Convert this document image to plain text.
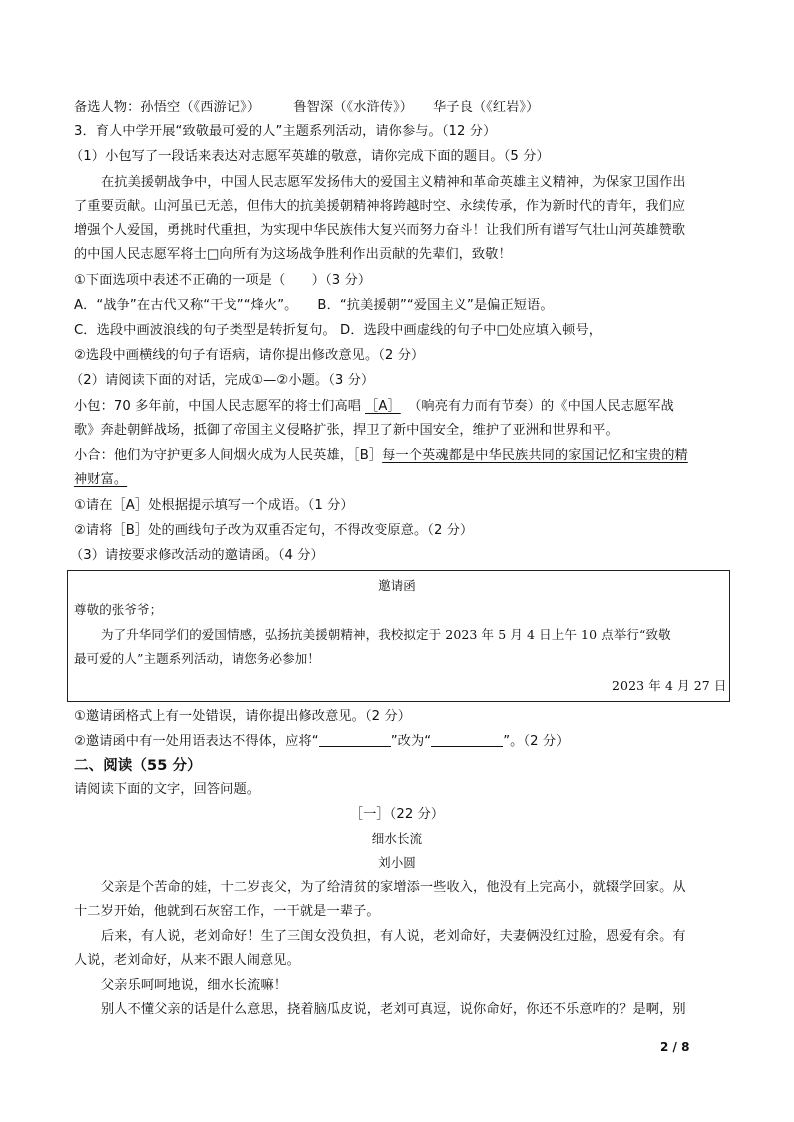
备选人物：孙悟空（《西游记》）　　　鲁智深（《水浒传》）　　华子良（《红岩》）
3．育人中学开展“致敬最可爱的人”主题系列活动，请你参与。（12 分）
（1）小包写了一段话来表达对志愿军英雄的敬意，请你完成下面的题目。（5 分）
在抗美援朝战争中，中国人民志愿军发扬伟大的爱国主义精神和革命英雄主义精神，为保家卫国作出
了重要贡献。山河虽已无恙，但伟大的抗美援朝精神将跨越时空、永续传承，作为新时代的青年，我们应
增强个人爱国，勇挑时代重担，为实现中华民族伟大复兴而努力奋斗！让我们所有谱写气壮山河英雄赞歌
的中国人民志愿军将士□向所有为这场战争胜利作出贡献的先辈们，致敬！
①下面选项中表述不正确的一项是（　　）（3 分）
A．“战争”在古代又称“干戈”“烽火”。　　B．“抗美援朝”“爱国主义”是偏正短语。
C．选段中画波浪线的句子类型是转折复句。 D．选段中画虚线的句子中□处应填入顿号，
②选段中画横线的句子有语病，请你提出修改意见。（2 分）
（2）请阅读下面的对话，完成①—②小题。（3 分）
小包：70 多年前，中国人民志愿军的将士们高唱 ［A］ （响亮有力而有节奏）的《中国人民志愿军战
歌》奔赴朝鲜战场，抵御了帝国主义侵略扩张，捍卫了新中国安全，维护了亚洲和世界和平。
小合：他们为守护更多人间烟火成为人民英雄，［B］每一个英魂都是中华民族共同的家国记忆和宝贵的精
神财富。
①请在［A］处根据提示填写一个成语。（1 分）
②请将［B］处的画线句子改为双重否定句，不得改变原意。（2 分）
（3）请按要求修改活动的邀请函。（4 分）
邀请函
尊敬的张爷爷；
为了升华同学们的爱国情感，弘扬抗美援朝精神，我校拟定于 2023 年 5 月 4 日上午 10 点举行“致敬
最可爱的人”主题系列活动，请您务必参加！
2023 年 4 月 27 日
①邀请函格式上有一处错误，请你提出修改意见。（2 分）
②邀请函中有一处用语表达不得体，应将“	”改为“	”。（2 分）
二、阅读（55 分）
请阅读下面的文字，回答问题。
［一］（22 分）
细水长流
刘小圆
父亲是个苦命的娃，十二岁丧父，为了给清贫的家增添一些收入，他没有上完高小，就辍学回家。从
十二岁开始，他就到石灰窑工作，一干就是一辈子。
后来，有人说，老刘命好！生了三闺女没负担，有人说，老刘命好，夫妻俩没红过脸，恩爱有余。有
人说，老刘命好，从来不跟人闹意见。
父亲乐呵呵地说，细水长流嘛！
别人不懂父亲的话是什么意思，挠着脑瓜皮说，老刘可真逗，说你命好，你还不乐意咋的？是啊，别
2 / 8
